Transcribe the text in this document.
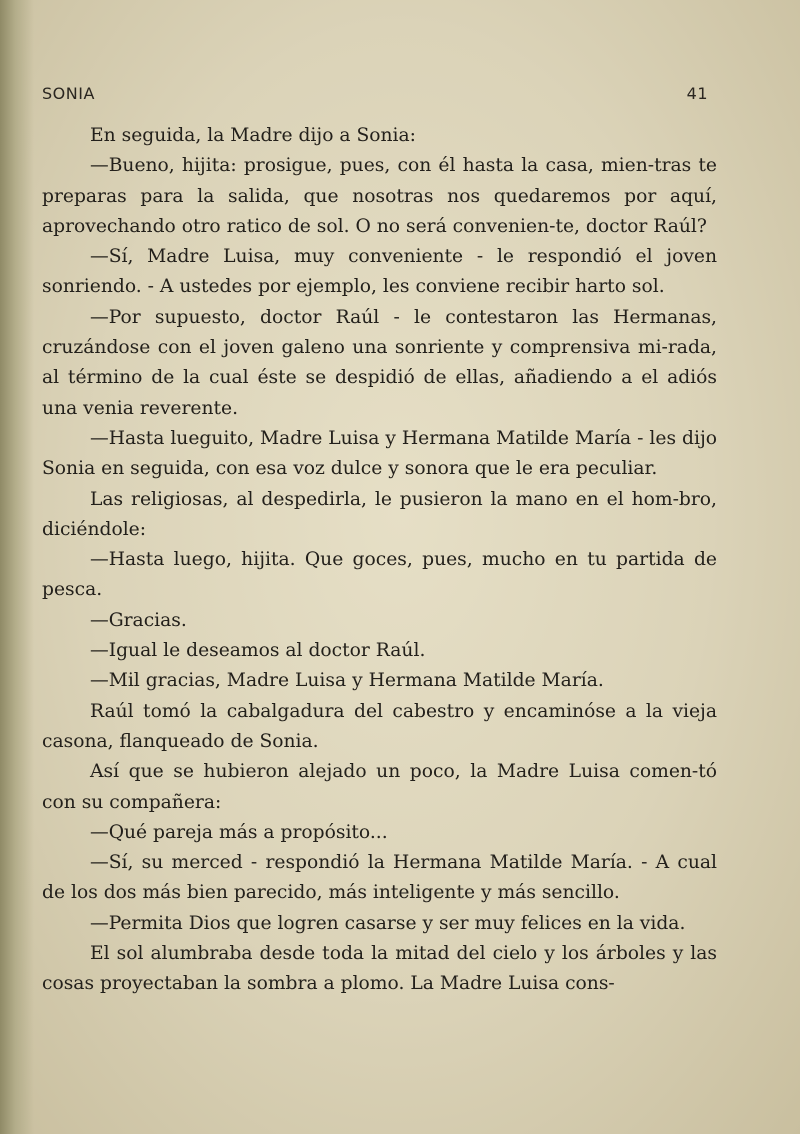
SONIA	41

En seguida, la Madre dijo a Sonia:

—Bueno, hijita: prosigue, pues, con él hasta la casa, mien-tras te preparas para la salida, que nosotras nos quedaremos por aquí, aprovechando otro ratico de sol. O no será convenien-te, doctor Raúl?

—Sí, Madre Luisa, muy conveniente - le respondió el joven sonriendo. - A ustedes por ejemplo, les conviene recibir harto sol.

—Por supuesto, doctor Raúl - le contestaron las Hermanas, cruzándose con el joven galeno una sonriente y comprensiva mi-rada, al término de la cual éste se despidió de ellas, añadiendo a el adiós una venia reverente.

—Hasta lueguito, Madre Luisa y Hermana Matilde María - les dijo Sonia en seguida, con esa voz dulce y sonora que le era peculiar.

Las religiosas, al despedirla, le pusieron la mano en el hom-bro, diciéndole:

—Hasta luego, hijita. Que goces, pues, mucho en tu partida de pesca.

—Gracias.

—Igual le deseamos al doctor Raúl.

—Mil gracias, Madre Luisa y Hermana Matilde María.

Raúl tomó la cabalgadura del cabestro y encaminóse a la vieja casona, flanqueado de Sonia.

Así que se hubieron alejado un poco, la Madre Luisa comen-tó con su compañera:

—Qué pareja más a propósito...

—Sí, su merced - respondió la Hermana Matilde María. - A cual de los dos más bien parecido, más inteligente y más sencillo.

—Permita Dios que logren casarse y ser muy felices en la vida.

El sol alumbraba desde toda la mitad del cielo y los árboles y las cosas proyectaban la sombra a plomo. La Madre Luisa cons-
